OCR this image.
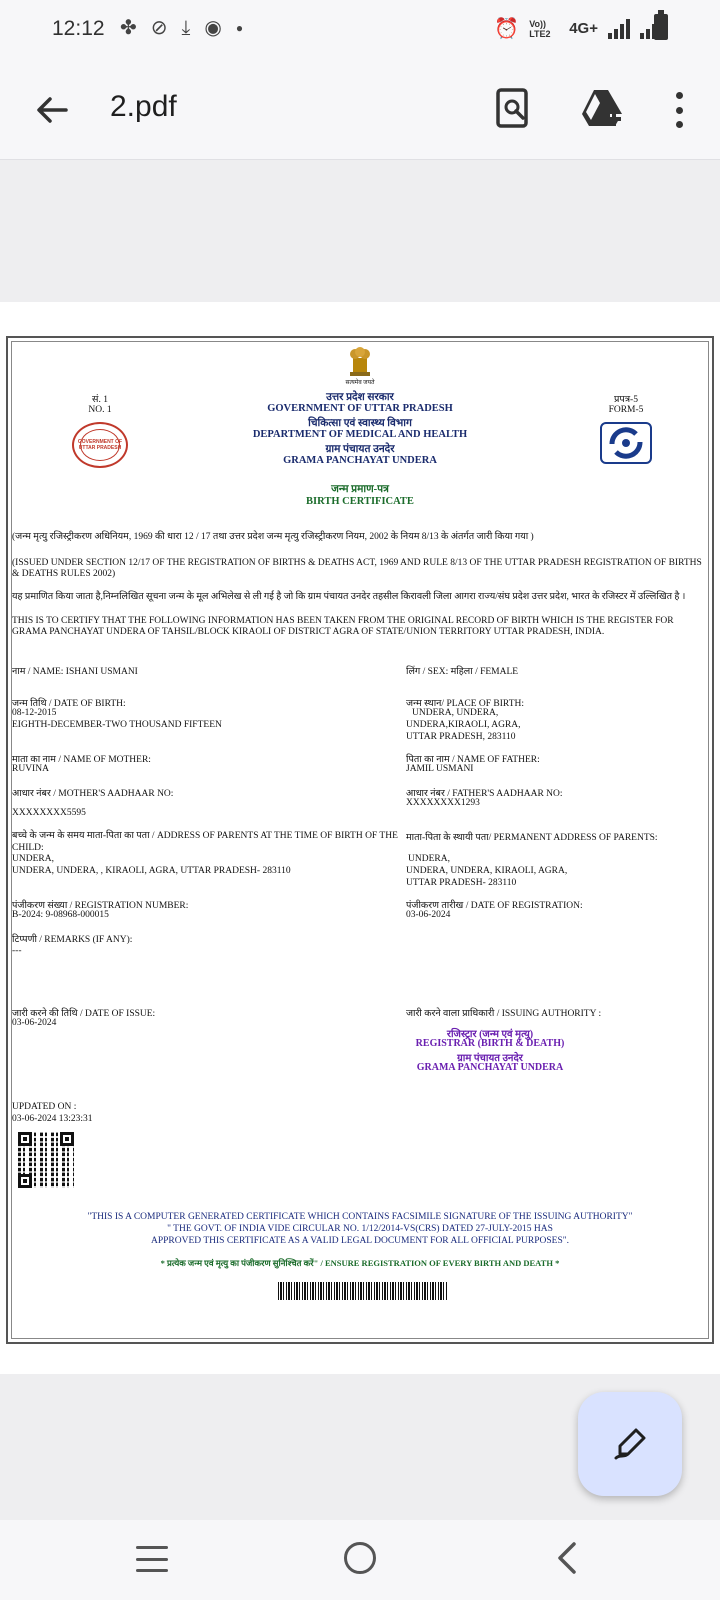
12:12 ✤ ⊘ ⤓ ◉ ●	⏰ Vo)) LTE2	4G+
2.pdf
सत्यमेव जयते
सं. 1
NO. 1
GOVERNMENT OF UTTAR PRADESH
प्रपत्र-5
FORM-5
उत्तर प्रदेश सरकार
GOVERNMENT OF UTTAR PRADESH
चिकित्सा एवं स्वास्थ्य विभाग
DEPARTMENT OF MEDICAL AND HEALTH
ग्राम पंचायत उनदेर
GRAMA PANCHAYAT UNDERA
जन्म प्रमाण-पत्र
BIRTH CERTIFICATE
(जन्म मृत्यु रजिस्ट्रीकरण अधिनियम, 1969 की धारा 12 / 17 तथा उत्तर प्रदेश जन्म मृत्यु रजिस्ट्रीकरण नियम, 2002 के नियम 8/13 के अंतर्गत जारी किया गया )
(ISSUED UNDER SECTION 12/17 OF THE REGISTRATION OF BIRTHS & DEATHS ACT, 1969 AND RULE 8/13 OF THE UTTAR PRADESH REGISTRATION OF BIRTHS & DEATHS RULES 2002)
यह प्रमाणित किया जाता है,निम्नलिखित सूचना जन्म के मूल अभिलेख से ली गई है जो कि ग्राम पंचायत उनदेर तहसील किरावली जिला आगरा राज्य/संघ प्रदेश उत्तर प्रदेश, भारत के रजिस्टर में उल्लिखित है ।
THIS IS TO CERTIFY THAT THE FOLLOWING INFORMATION HAS BEEN TAKEN FROM THE ORIGINAL RECORD OF BIRTH WHICH IS THE REGISTER FOR GRAMA PANCHAYAT UNDERA OF TAHSIL/BLOCK KIRAOLI OF DISTRICT AGRA OF STATE/UNION TERRITORY UTTAR PRADESH, INDIA.
नाम / NAME: ISHANI USMANI	लिंग / SEX: महिला / FEMALE
जन्म तिथि / DATE OF BIRTH:
08-12-2015
EIGHTH-DECEMBER-TWO THOUSAND FIFTEEN
जन्म स्थान/ PLACE OF BIRTH:
UNDERA, UNDERA,
UNDERA,KIRAOLI, AGRA,
UTTAR PRADESH, 283110
माता का नाम / NAME OF MOTHER:
RUVINA
पिता का नाम / NAME OF FATHER:
JAMIL USMANI
आधार नंबर / MOTHER'S AADHAAR NO:
XXXXXXXX5595
आधार नंबर / FATHER'S AADHAAR NO:
XXXXXXXX1293
बच्चे के जन्म के समय माता-पिता का पता / ADDRESS OF PARENTS AT THE TIME OF BIRTH OF THE CHILD:
UNDERA,
UNDERA, UNDERA, , KIRAOLI, AGRA, UTTAR PRADESH- 283110
माता-पिता के स्थायी पता/ PERMANENT ADDRESS OF PARENTS:
UNDERA,
UNDERA, UNDERA, KIRAOLI, AGRA,
UTTAR PRADESH- 283110
पंजीकरण संख्या / REGISTRATION NUMBER:
B-2024: 9-08968-000015
पंजीकरण तारीख / DATE OF REGISTRATION:
03-06-2024
टिप्पणी / REMARKS (IF ANY):
---
जारी करने की तिथि / DATE OF ISSUE:
03-06-2024
जारी करने वाला प्राधिकारी / ISSUING AUTHORITY :
रजिस्ट्रार (जन्म एवं मृत्यु)
REGISTRAR (BIRTH & DEATH)
ग्राम पंचायत उनदेर
GRAMA PANCHAYAT UNDERA
UPDATED ON :
03-06-2024 13:23:31
"THIS IS A COMPUTER GENERATED CERTIFICATE WHICH CONTAINS FACSIMILE SIGNATURE OF THE ISSUING AUTHORITY"
" THE GOVT. OF INDIA VIDE CIRCULAR NO. 1/12/2014-VS(CRS) DATED 27-JULY-2015 HAS
APPROVED THIS CERTIFICATE AS A VALID LEGAL DOCUMENT FOR ALL OFFICIAL PURPOSES".
* प्रत्येक जन्म एवं मृत्यु का पंजीकरण सुनिश्चित करें" / ENSURE REGISTRATION OF EVERY BIRTH AND DEATH *
